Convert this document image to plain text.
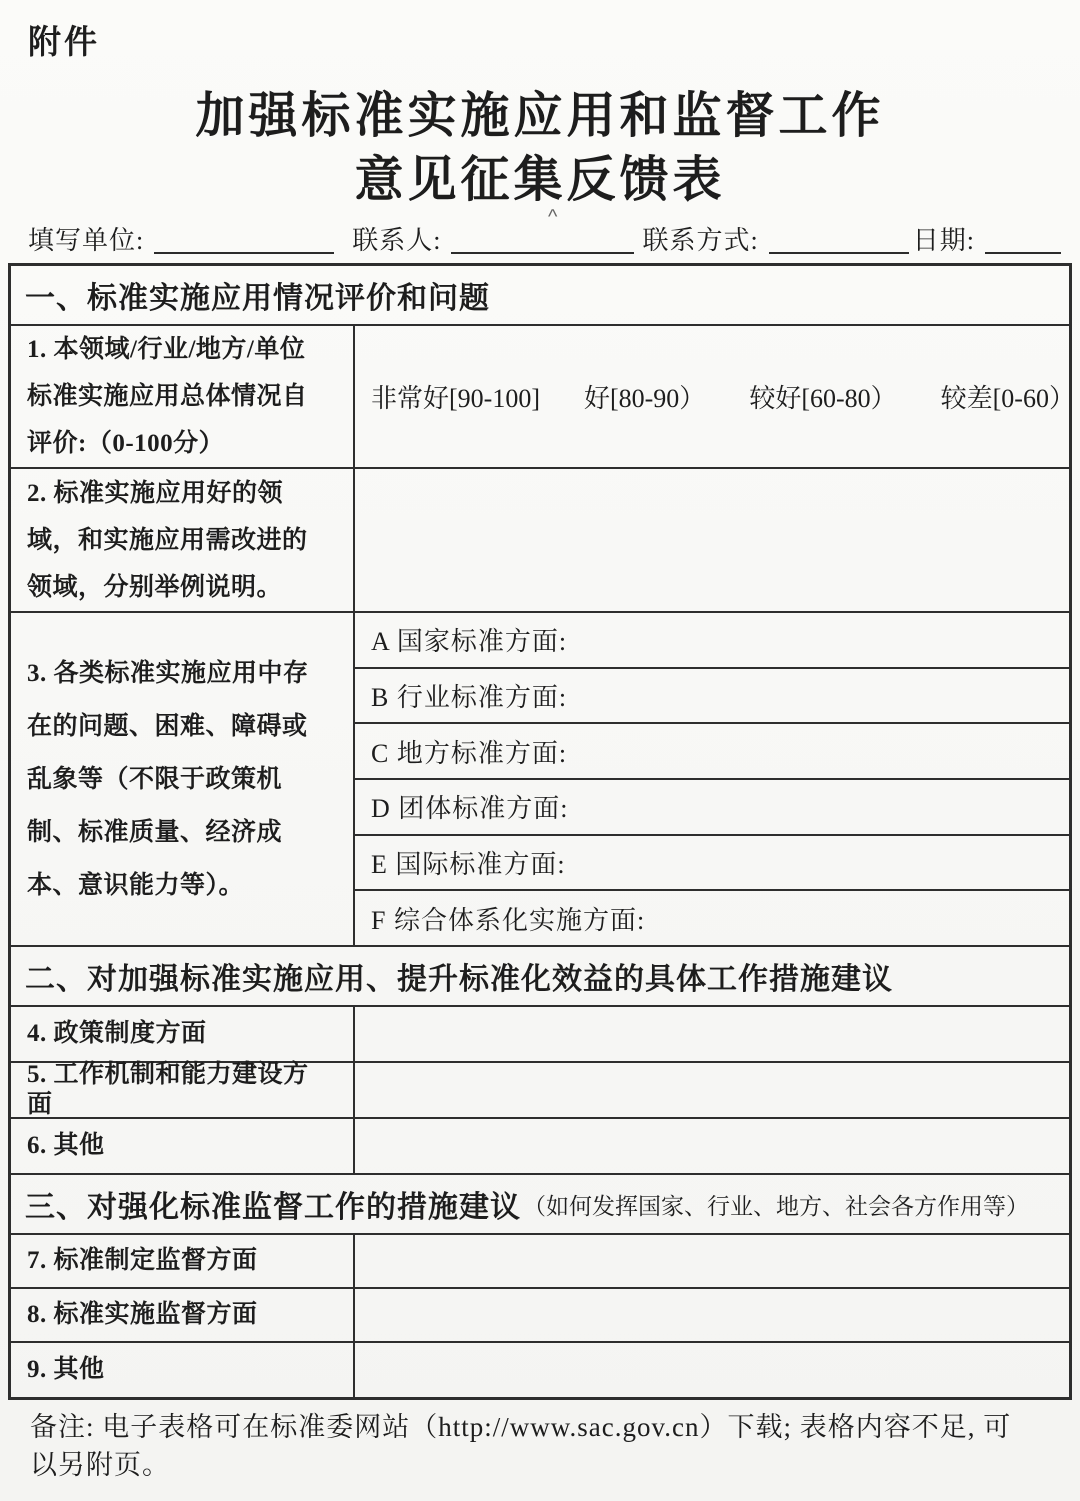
附件
加强标准实施应用和监督工作
意见征集反馈表
^
填写单位:	联系人:	联系方式:	日期:
一、标准实施应用情况评价和问题
1. 本领域/行业/地方/单位标准实施应用总体情况自评价:（0-100分）
非常好[90-100] 好[80-90） 较好[60-80） 较差[0-60）
2. 标准实施应用好的领域，和实施应用需改进的领域，分别举例说明。
3. 各类标准实施应用中存在的问题、困难、障碍或乱象等（不限于政策机制、标准质量、经济成本、意识能力等）。
A 国家标准方面:
B 行业标准方面:
C 地方标准方面:
D 团体标准方面:
E 国际标准方面:
F 综合体系化实施方面:
二、对加强标准实施应用、提升标准化效益的具体工作措施建议
4. 政策制度方面
5. 工作机制和能力建设方面
6. 其他
三、对强化标准监督工作的措施建议 （如何发挥国家、行业、地方、社会各方作用等）
7. 标准制定监督方面
8. 标准实施监督方面
9. 其他
备注: 电子表格可在标准委网站（http://www.sac.gov.cn）下载; 表格内容不足, 可
以另附页。
